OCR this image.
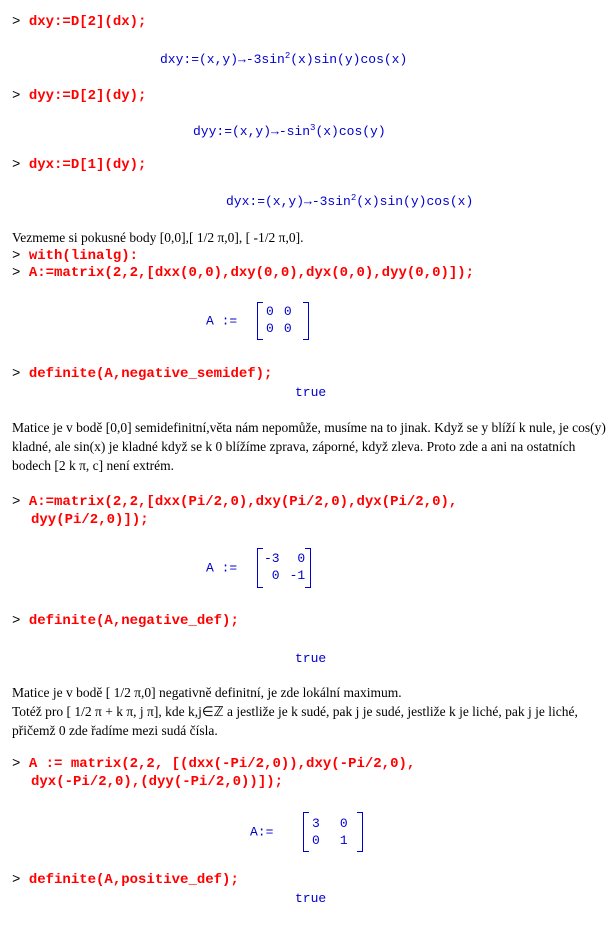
> dxy:=D[2](dx);
$dxy:=(x,y)\to-3\sin^2(x)\sin(y)\cos(x)$
> dyy:=D[2](dy);
$dyy:=(x,y)\to-\sin^3(x)\cos(y)$
> dyx:=D[1](dy);
$dyx:=(x,y)\to-3\sin^2(x)\sin(y)\cos(x)$
Vezmeme si pokusné body [0,0],[ 1/2 π,0], [ -1/2 π,0].
> with(linalg):
> A:=matrix(2,2,[dxx(0,0),dxy(0,0),dyx(0,0),dyy(0,0)]);
A :=
0 0
0 0
> definite(A,negative_semidef);
true
Matice je v bodě [0,0] semidefinitní,věta nám nepomůže, musíme na to jinak. Když se y blíží k nule, je cos(y) kladné, ale sin(x) je kladné když se k 0 blížíme zprava, záporné, když zleva. Proto zde a ani na ostatních bodech [2 k π, c] není extrém.
> A:=matrix(2,2,[dxx(Pi/2,0),dxy(Pi/2,0),dyx(Pi/2,0),
dyy(Pi/2,0)]);
A :=
-3	0
0 -1
> definite(A,negative_def);
true
Matice je v bodě [ 1/2 π,0] negativně definitní, je zde lokální maximum.
Totéž pro [ 1/2 π + k π, j π], kde k,j∈ℤ a jestliže je k sudé, pak j je sudé, jestliže k je liché, pak j je liché, přičemž 0 zde řadíme mezi sudá čísla.
> A := matrix(2,2, [(dxx(-Pi/2,0)),dxy(-Pi/2,0),
dyx(-Pi/2,0),(dyy(-Pi/2,0))]);
A:=
3 0
0 1
> definite(A,positive_def);
true
